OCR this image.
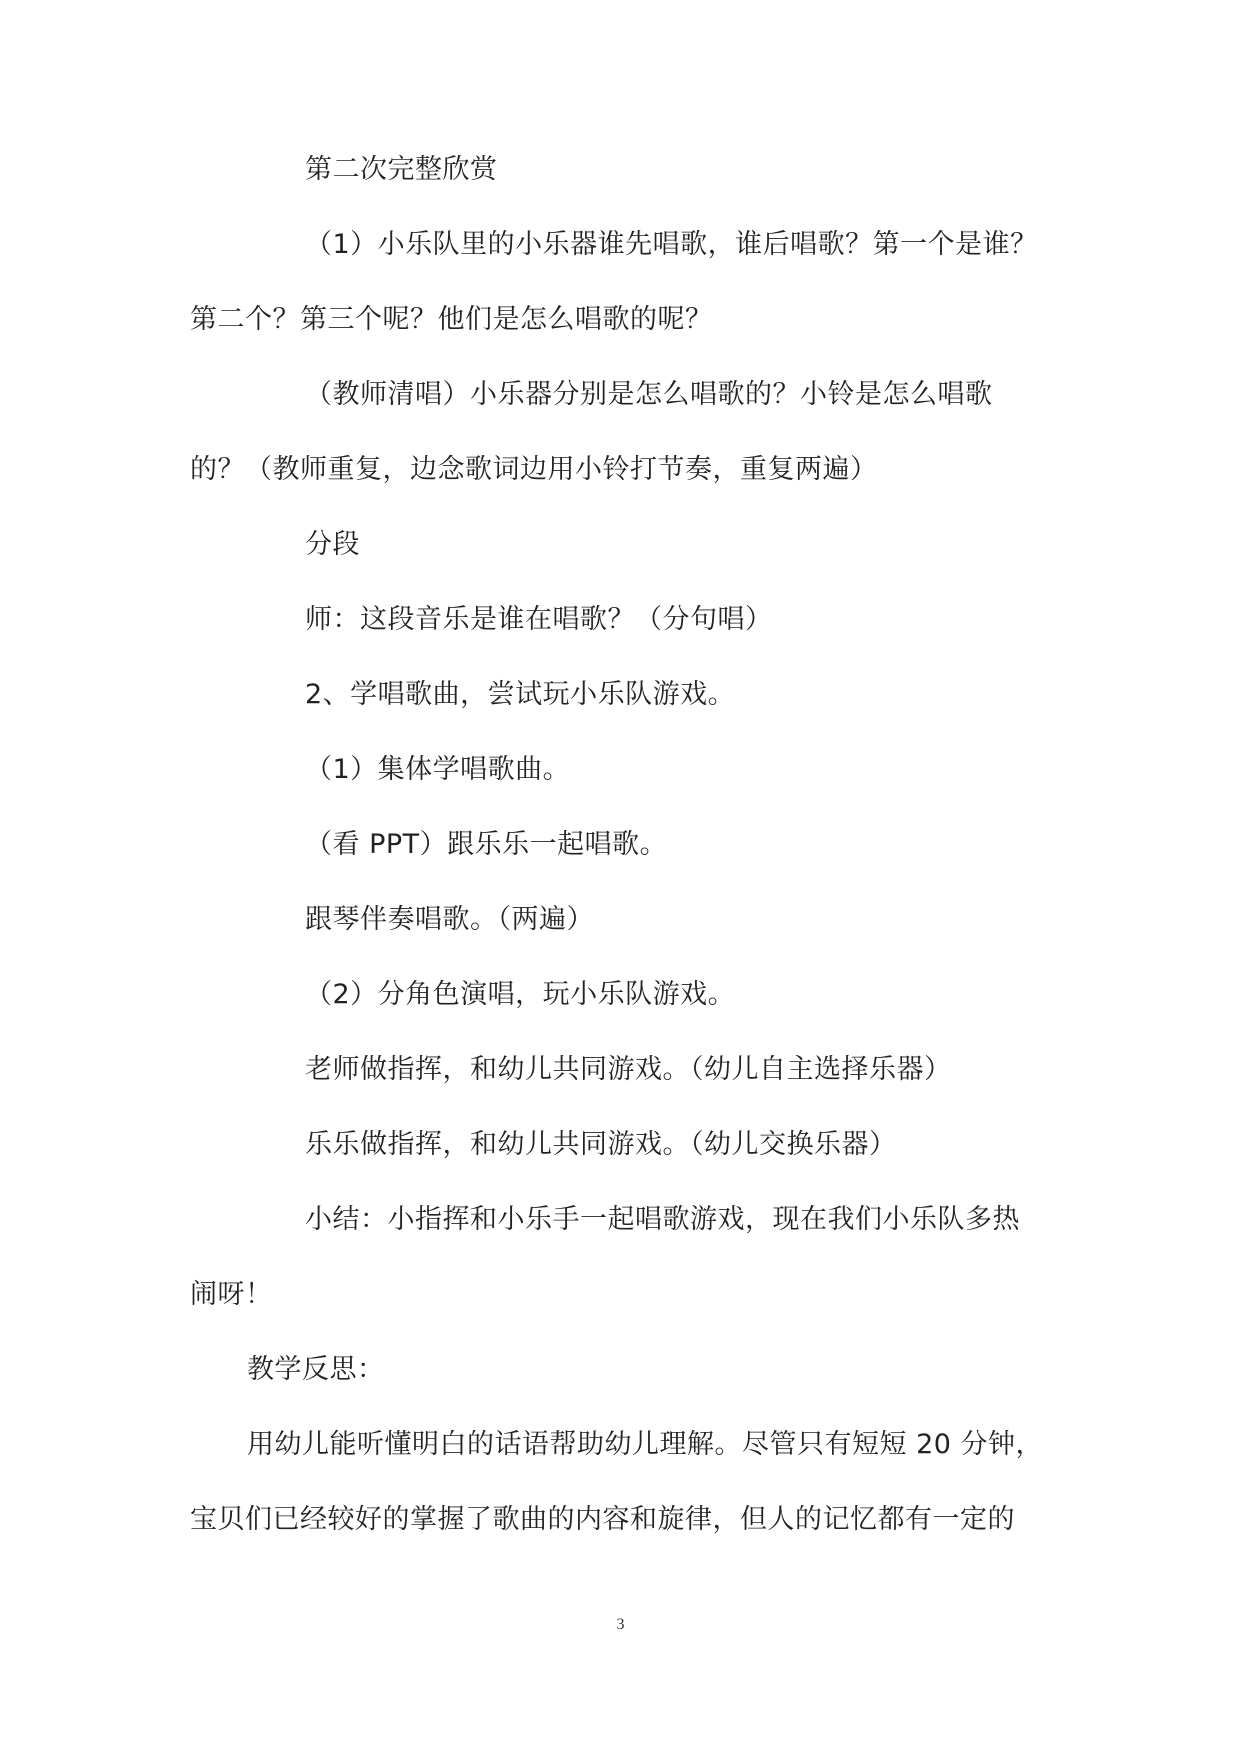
第二次完整欣赏
（1）小乐队里的小乐器谁先唱歌，谁后唱歌？第一个是谁？
第二个？第三个呢？他们是怎么唱歌的呢？
（教师清唱）小乐器分别是怎么唱歌的？小铃是怎么唱歌
的？（教师重复，边念歌词边用小铃打节奏，重复两遍）
分段
师：这段音乐是谁在唱歌？（分句唱）
2、学唱歌曲，尝试玩小乐队游戏。
（1）集体学唱歌曲。
（看 PPT）跟乐乐一起唱歌。
跟琴伴奏唱歌。（两遍）
（2）分角色演唱，玩小乐队游戏。
老师做指挥，和幼儿共同游戏。（幼儿自主选择乐器）
乐乐做指挥，和幼儿共同游戏。（幼儿交换乐器）
小结：小指挥和小乐手一起唱歌游戏，现在我们小乐队多热
闹呀！
教学反思：
用幼儿能听懂明白的话语帮助幼儿理解。尽管只有短短 20 分钟，
宝贝们已经较好的掌握了歌曲的内容和旋律，但人的记忆都有一定的
3
